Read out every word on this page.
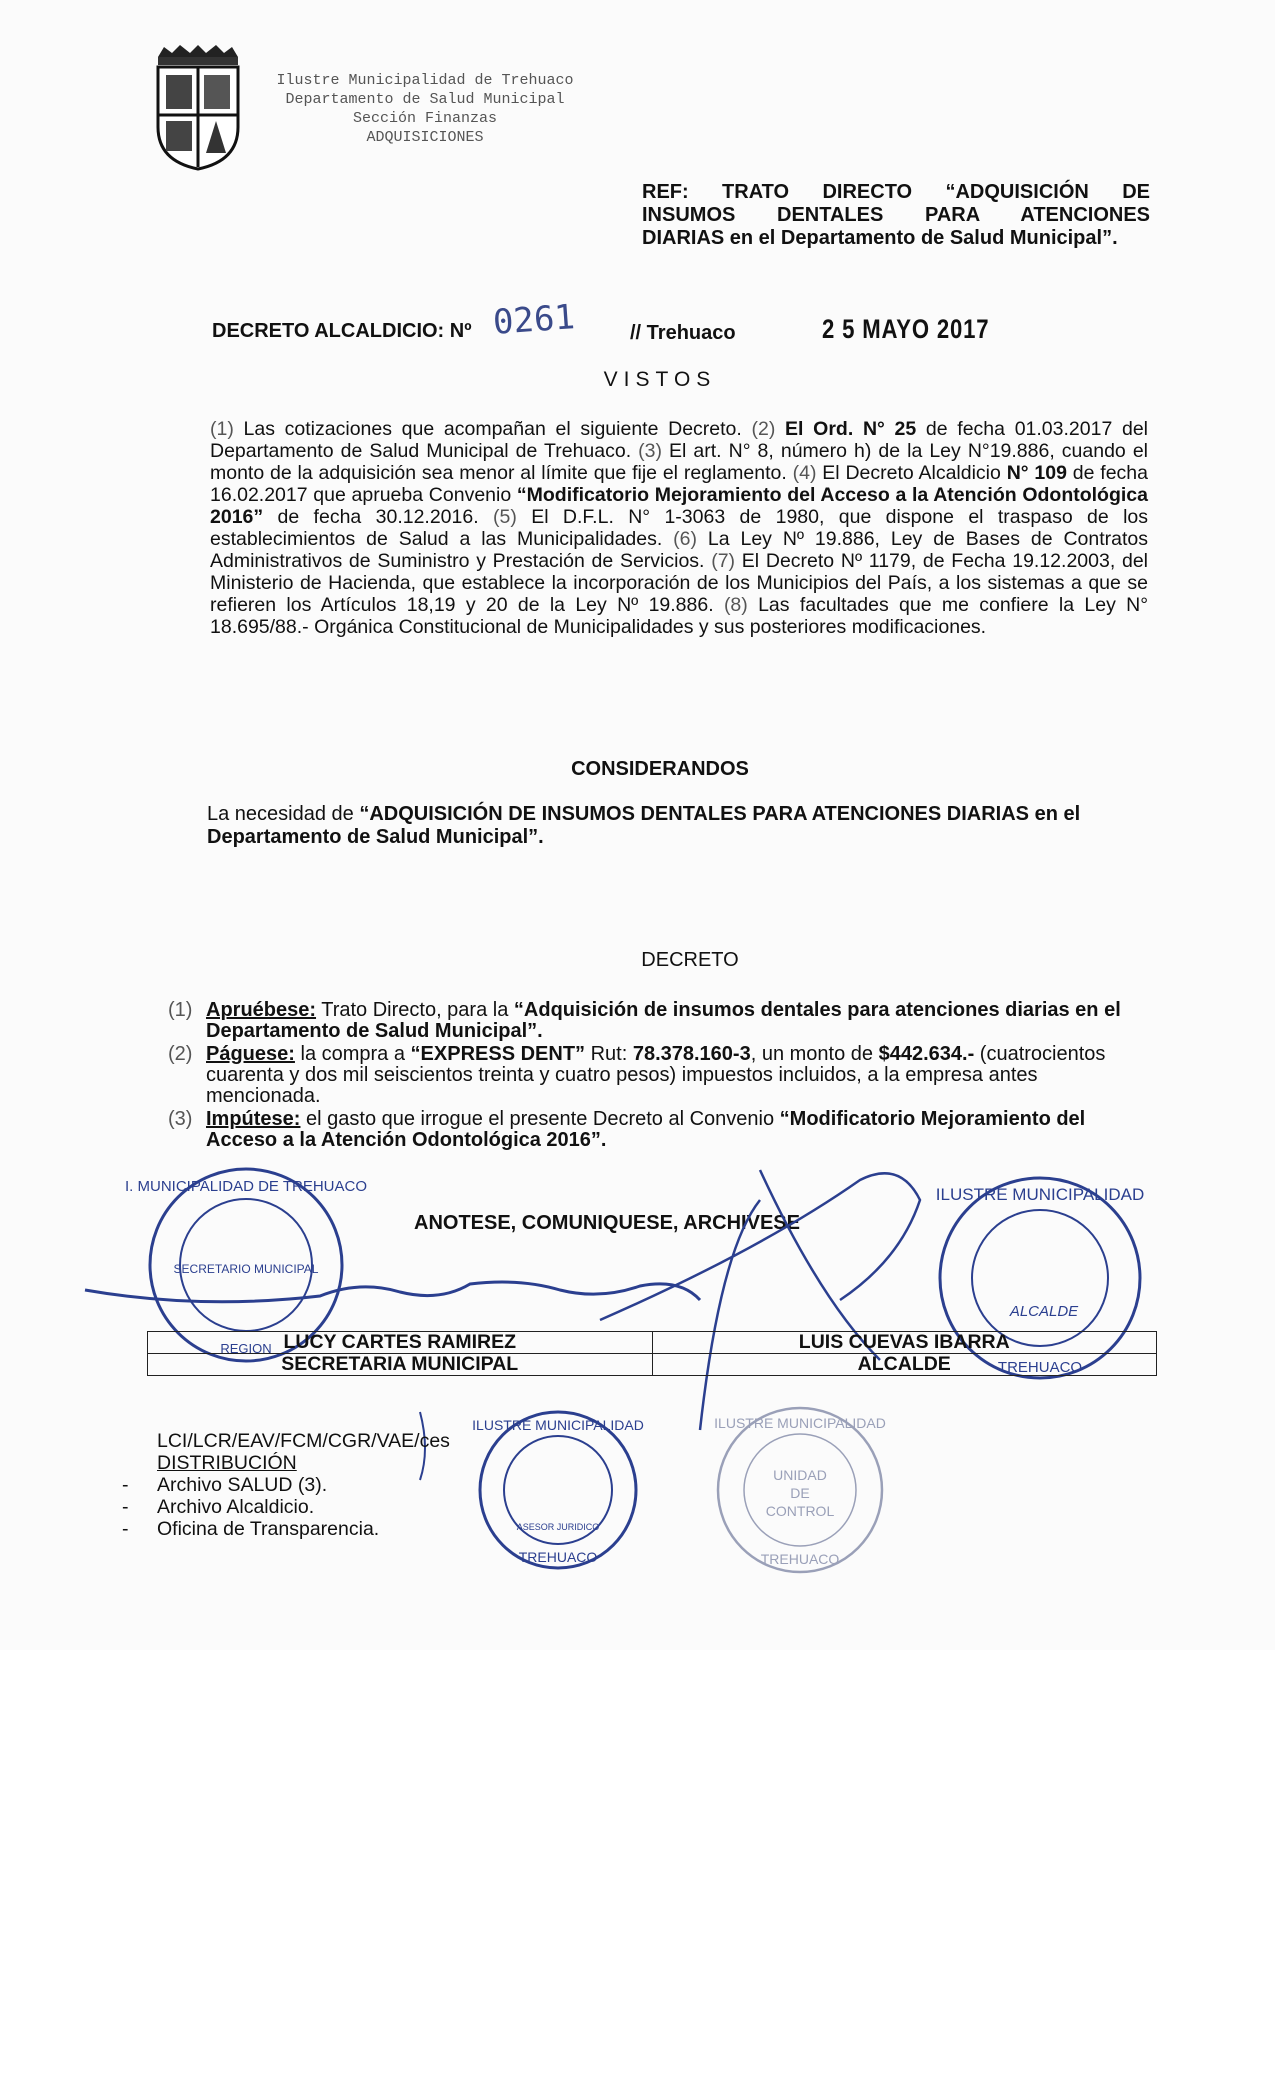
Ilustre Municipalidad de Trehuaco
Departamento de Salud Municipal
Sección Finanzas
ADQUISICIONES
REF: TRATO DIRECTO “ADQUISICIÓN DE
INSUMOS DENTALES PARA ATENCIONES
DIARIAS en el Departamento de Salud Municipal”.
DECRETO ALCALDICIO: Nº 0261	// Trehuaco	2 5 MAYO 2017
VISTOS
(1) Las cotizaciones que acompañan el siguiente Decreto. (2) El Ord. N° 25 de fecha 01.03.2017 del Departamento de Salud Municipal de Trehuaco. (3) El art. N° 8, número h) de la Ley N°19.886, cuando el monto de la adquisición sea menor al límite que fije el reglamento. (4) El Decreto Alcaldicio N° 109 de fecha 16.02.2017 que aprueba Convenio “Modificatorio Mejoramiento del Acceso a la Atención Odontológica 2016” de fecha 30.12.2016. (5) El D.F.L. N° 1-3063 de 1980, que dispone el traspaso de los establecimientos de Salud a las Municipalidades. (6) La Ley Nº 19.886, Ley de Bases de Contratos Administrativos de Suministro y Prestación de Servicios. (7) El Decreto Nº 1179, de Fecha 19.12.2003, del Ministerio de Hacienda, que establece la incorporación de los Municipios del País, a los sistemas a que se refieren los Artículos 18,19 y 20 de la Ley Nº 19.886. (8) Las facultades que me confiere la Ley N° 18.695/88.- Orgánica Constitucional de Municipalidades y sus posteriores modificaciones.
CONSIDERANDOS
La necesidad de “ADQUISICIÓN DE INSUMOS DENTALES PARA ATENCIONES DIARIAS en el Departamento de Salud Municipal”.
DECRETO
(1) Apruébese: Trato Directo, para la “Adquisición de insumos dentales para atenciones diarias en el Departamento de Salud Municipal”.
(2) Páguese: la compra a “EXPRESS DENT” Rut: 78.378.160-3, un monto de $442.634.- (cuatrocientos cuarenta y dos mil seiscientos treinta y cuatro pesos) impuestos incluidos, a la empresa antes mencionada.
(3) Impútese: el gasto que irrogue el presente Decreto al Convenio “Modificatorio Mejoramiento del Acceso a la Atención Odontológica 2016”.
ANOTESE, COMUNIQUESE, ARCHIVESE
I. MUNICIPALIDAD DE TREHUACO
SECRETARIO MUNICIPAL
REGION
ILUSTRE MUNICIPALIDAD
ALCALDE
TREHUACO
ILUSTRE MUNICIPALIDAD
ASESOR JURIDICO
TREHUACO
ILUSTRE MUNICIPALIDAD
UNIDAD
DE
CONTROL
TREHUACO
LUCY CARTES RAMIREZ	LUIS CUEVAS IBARRA
SECRETARIA MUNICIPAL	ALCALDE
LCI/LCR/EAV/FCM/CGR/VAE/ces
DISTRIBUCIÓN
- Archivo SALUD (3).
- Archivo Alcaldicio.
- Oficina de Transparencia.
